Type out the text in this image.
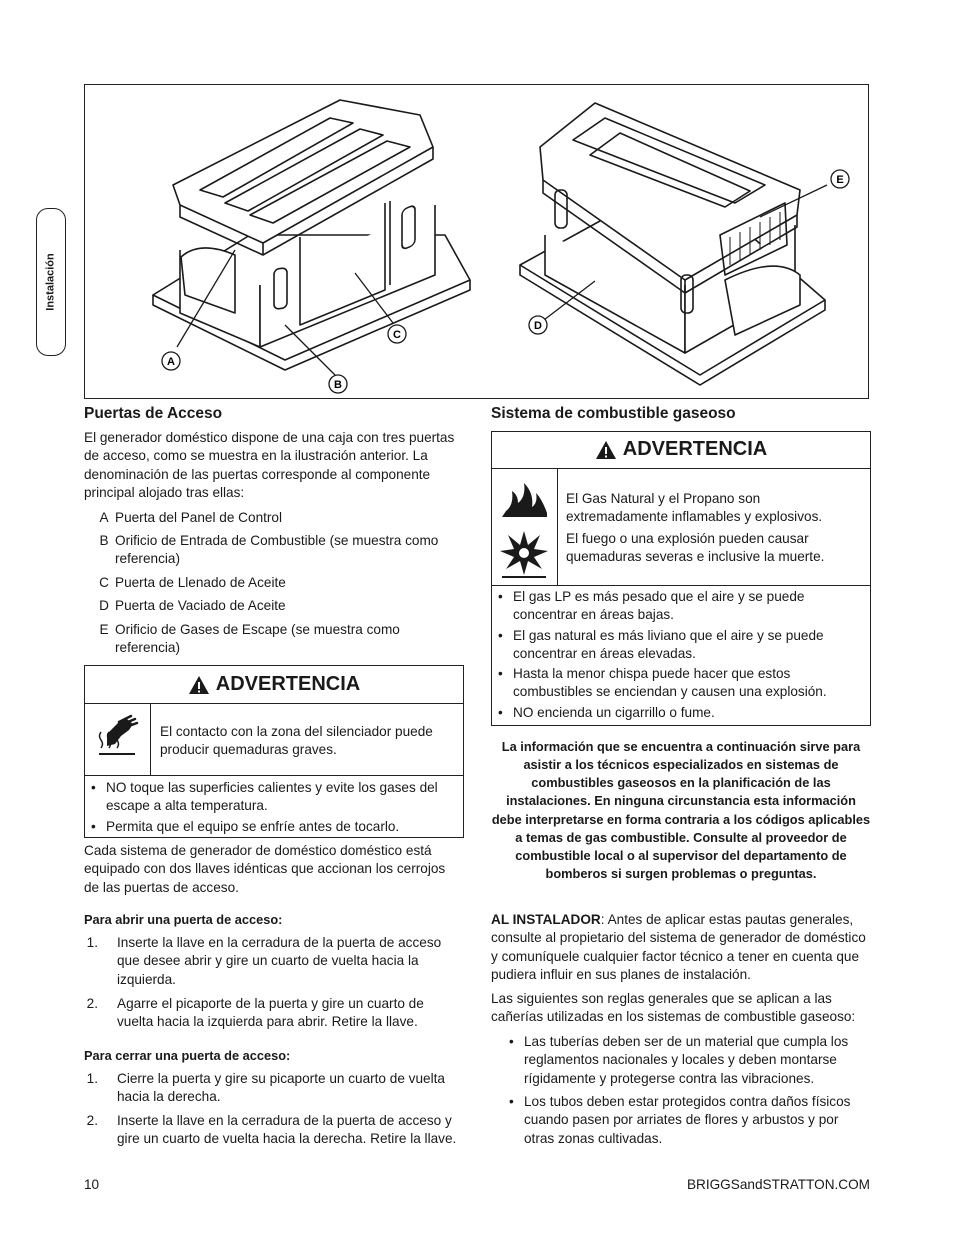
Instalación
A
B
C
D
E
Puertas de Acceso

El generador doméstico dispone de una caja con tres puertas de acceso, como se muestra en la ilustración anterior. La denominación de las puertas corresponde al componente principal alojado tras ellas:

A Puerta del Panel de Control
B Orificio de Entrada de Combustible (se muestra como referencia)
C Puerta de Llenado de Aceite
D Puerta de Vaciado de Aceite
E Orificio de Gases de Escape (se muestra como referencia)
ADVERTENCIA

El contacto con la zona del silenciador puede producir quemaduras graves.

• NO toque las superficies calientes y evite los gases del escape a alta temperatura.
• Permita que el equipo se enfríe antes de tocarlo.

Cada sistema de generador de doméstico doméstico está equipado con dos llaves idénticas que accionan los cerrojos de las puertas de acceso.

Para abrir una puerta de acceso:
1. Inserte la llave en la cerradura de la puerta de acceso que desee abrir y gire un cuarto de vuelta hacia la izquierda.
2. Agarre el picaporte de la puerta y gire un cuarto de vuelta hacia la izquierda para abrir. Retire la llave.
Para cerrar una puerta de acceso:
1. Cierre la puerta y gire su picaporte un cuarto de vuelta hacia la derecha.
2. Inserte la llave en la cerradura de la puerta de acceso y gire un cuarto de vuelta hacia la derecha. Retire la llave.
Sistema de combustible gaseoso
ADVERTENCIA

El Gas Natural y el Propano son extremadamente inflamables y explosivos.

El fuego o una explosión pueden causar quemaduras severas e inclusive la muerte.

• El gas LP es más pesado que el aire y se puede concentrar en áreas bajas.
• El gas natural es más liviano que el aire y se puede concentrar en áreas elevadas.
• Hasta la menor chispa puede hacer que estos combustibles se enciendan y causen una explosión.
• NO encienda un cigarrillo o fume.

La información que se encuentra a continuación sirve para asistir a los técnicos especializados en sistemas de combustibles gaseosos en la planificación de las instalaciones. En ninguna circunstancia esta información debe interpretarse en forma contraria a los códigos aplicables a temas de gas combustible. Consulte al proveedor de combustible local o al supervisor del departamento de bomberos si surgen problemas o preguntas.

AL INSTALADOR: Antes de aplicar estas pautas generales, consulte al propietario del sistema de generador de doméstico y comuníquele cualquier factor técnico a tener en cuenta que pudiera influir en sus planes de instalación.

Las siguientes son reglas generales que se aplican a las cañerías utilizadas en los sistemas de combustible gaseoso:

• Las tuberías deben ser de un material que cumpla los reglamentos nacionales y locales y deben montarse rígidamente y protegerse contra las vibraciones.
• Los tubos deben estar protegidos contra daños físicos cuando pasen por arriates de flores y arbustos y por otras zonas cultivadas.
10	BRIGGSandSTRATTON.COM
